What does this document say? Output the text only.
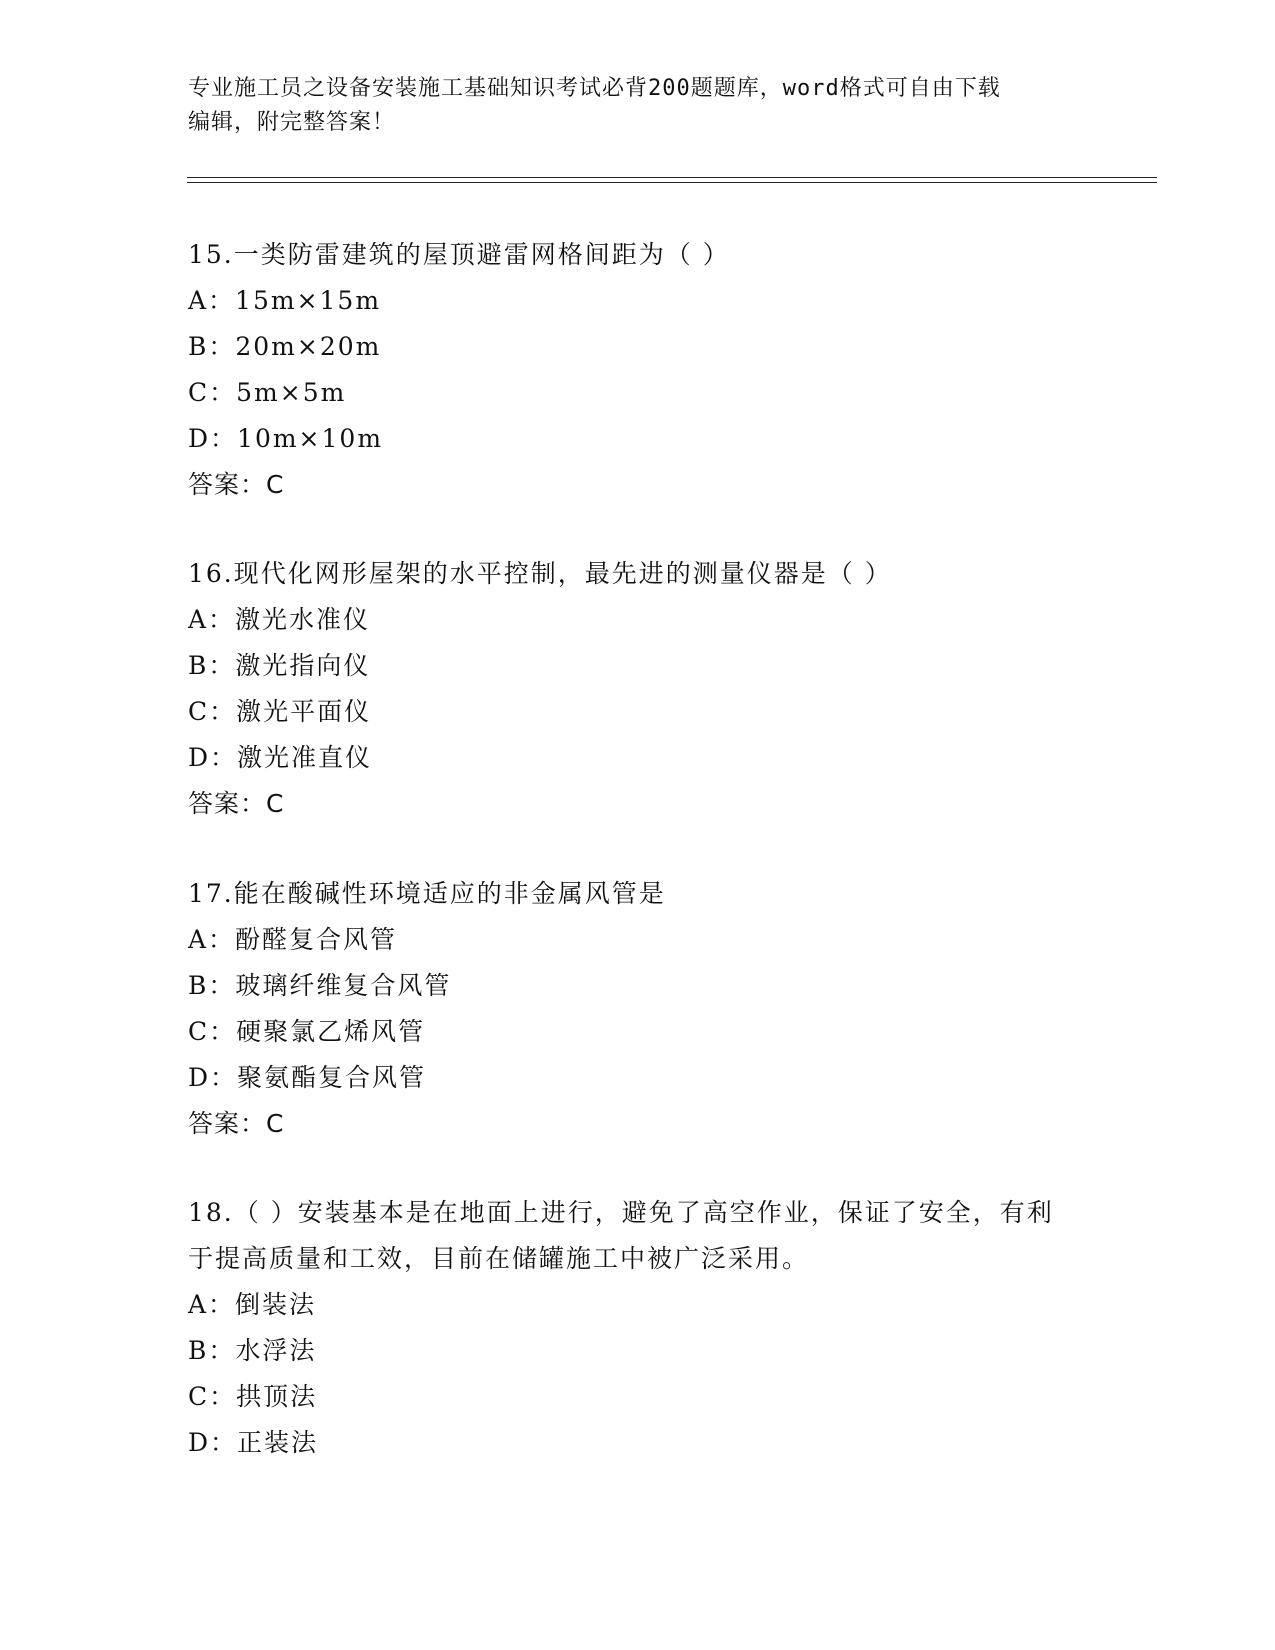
专业施工员之设备安装施工基础知识考试必背200题题库，word格式可自由下载
编辑，附完整答案！
15.一类防雷建筑的屋顶避雷网格间距为（ ）
A：15m×15m
B：20m×20m
C：5m×5m
D：10m×10m
答案：C
16.现代化网形屋架的水平控制，最先进的测量仪器是（ ）
A：激光水准仪
B：激光指向仪
C：激光平面仪
D：激光准直仪
答案：C
17.能在酸碱性环境适应的非金属风管是
A：酚醛复合风管
B：玻璃纤维复合风管
C：硬聚氯乙烯风管
D：聚氨酯复合风管
答案：C
18.（ ）安装基本是在地面上进行，避免了高空作业，保证了安全，有利于提高质量和工效，目前在储罐施工中被广泛采用。
A：倒装法
B：水浮法
C：拱顶法
D：正装法
